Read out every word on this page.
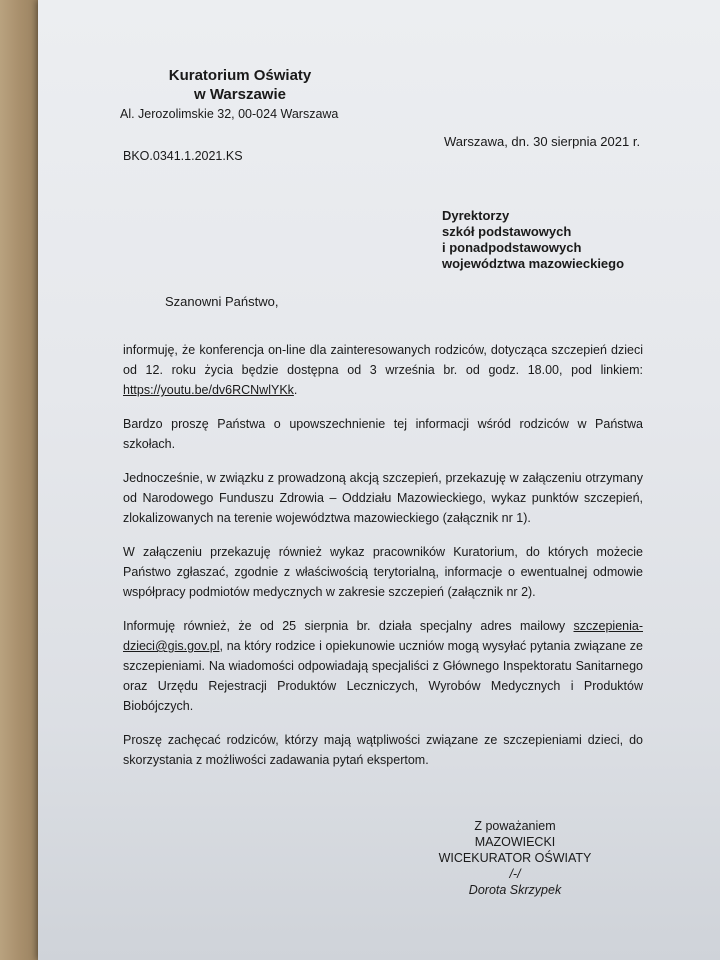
Kuratorium Oświaty
w Warszawie
Al. Jerozolimskie 32, 00-024 Warszawa
Warszawa, dn. 30 sierpnia 2021 r.
BKO.0341.1.2021.KS
Dyrektorzy
szkół podstawowych
i ponadpodstawowych
województwa mazowieckiego
Szanowni Państwo,

informuję, że konferencja on-line dla zainteresowanych rodziców, dotycząca szczepień dzieci od 12. roku życia będzie dostępna od 3 września br. od godz. 18.00, pod linkiem: https://youtu.be/dv6RCNwlYKk.

Bardzo proszę Państwa o upowszechnienie tej informacji wśród rodziców w Państwa szkołach.

Jednocześnie, w związku z prowadzoną akcją szczepień, przekazuję w załączeniu otrzymany od Narodowego Funduszu Zdrowia – Oddziału Mazowieckiego, wykaz punktów szczepień, zlokalizowanych na terenie województwa mazowieckiego (załącznik nr 1).

W załączeniu przekazuję również wykaz pracowników Kuratorium, do których możecie Państwo zgłaszać, zgodnie z właściwością terytorialną, informacje o ewentualnej odmowie współpracy podmiotów medycznych w zakresie szczepień (załącznik nr 2).

Informuję również, że od 25 sierpnia br. działa specjalny adres mailowy szczepienia-dzieci@gis.gov.pl, na który rodzice i opiekunowie uczniów mogą wysyłać pytania związane ze szczepieniami. Na wiadomości odpowiadają specjaliści z Głównego Inspektoratu Sanitarnego oraz Urzędu Rejestracji Produktów Leczniczych, Wyrobów Medycznych i Produktów Biobójczych.

Proszę zachęcać rodziców, którzy mają wątpliwości związane ze szczepieniami dzieci, do skorzystania z możliwości zadawania pytań ekspertom.

Z poważaniem
MAZOWIECKI
WICEKURATOR OŚWIATY
/-/
Dorota Skrzypek
